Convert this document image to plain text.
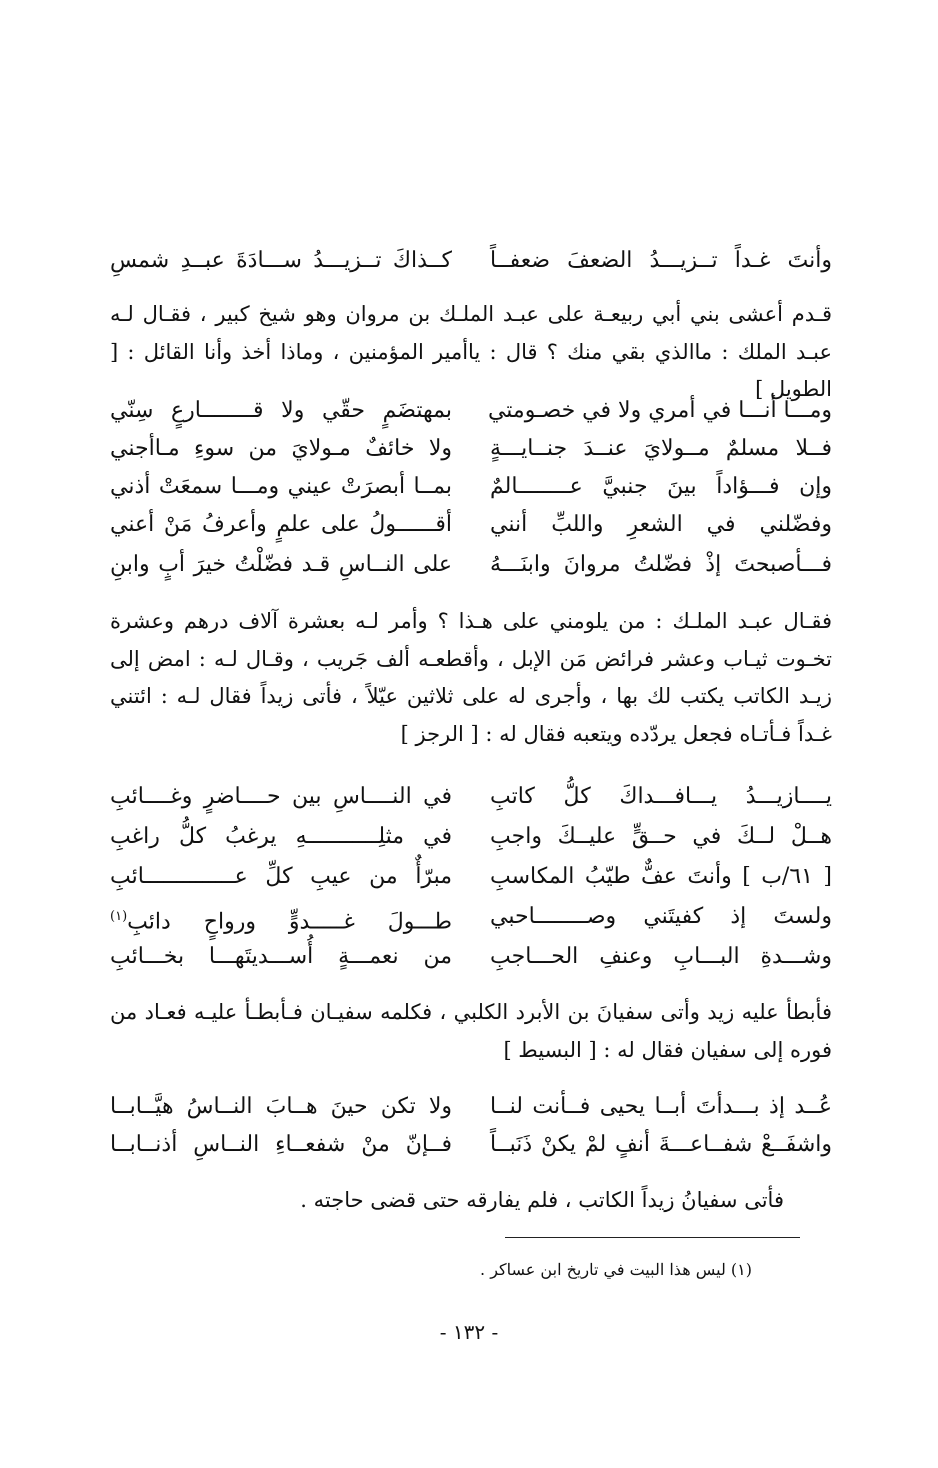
وأنتَ غـداً تــزيـــدُ الضعفَ ضعفــاً
كــذاكَ تــزيـــدُ ســـادَةَ عبــدِ شمسِ
قـدم أعشى بني أبي ربيعـة على عبـد الملـك بن مروان وهو شيخ كبير ، فقـال لـه عبـد الملك : ماالذي بقي منك ؟ قال : ياأمير المؤمنين ، وماذا أخذ وأنا القائل : [ الطويل ]
ومـــا أنـــا في أمري ولا في خصـومتي
بمهتضَمٍ حقّي ولا قــــــــارعٍ سِنّي
فــلا مسلمٌ مــولايَ عنــدَ جنــايـــةٍ
ولا خائفٌ مـولايَ من سوءِ مـاأجني
وإن فـــؤاداً بينَ جنبيَّ عــــــــالمٌ
بمــا أبصرَتْ عيني ومـــا سمعَتْ أذني
وفضّلني في الشعرِ واللبِّ أنني
أقــــــولُ على علمٍ وأعرفُ مَنْ أعني
فـــأصبحتَ إذْ فضّلتُ مروانَ وابنَـــهُ
على النــاسِ قـد فضّلْتُ خيرَ أبٍ وابنِ
فقـال عبـد الملـك : من يلومني على هـذا ؟ وأمر لـه بعشرة آلاف درهم وعشرة تخـوت ثيـاب وعشر فرائض مَن الإبل ، وأقطعـه ألف جَريب ، وقـال لـه : امض إلى زيـد الكاتب يكتب لك بها ، وأجرى له على ثلاثين عيّلاً ، فأتى زيداً فقال لـه : ائتني غـداً فـأتـاه فجعل يردّده ويتعبه فقال له : [ الرجز ]
يــــازيـــدُ يـــافـــداكَ كلُّ كاتبِ
في النــــاسِ بين حــــاضرٍ وغــــائبِ
هــلْ لــكَ في حــقٍّ عليــكَ واجبِ
في مثلِـــــــــــهِ يرغبُ كلُّ راغبِ
[ ٦١/ب ] وأنتَ عفٌّ طيّبُ المكاسبِ
مبرّأٌ من عيبِ كلِّ عــــــــــــــائبِ
ولستَ إذ كفيتَني وصــــــــاحبي
طـــولَ غـــــدوٍّ ورواحٍ دائبِ$^{(١)}$
وشـــدةِ البـــابِ وعنفِ الحـــاجبِ
من نعمـــةٍ أُســـديتَهـــا بخـــائبِ
فأبطأ عليه زيد وأتى سفيانَ بن الأبرد الكلبي ، فكلمه سفيـان فـأبطـأ عليـه فعـاد من فوره إلى سفيان فقال له : [ البسيط ]
عُــد إذ بـــدأتَ أبــا يحيى فــأنت لنــا
ولا تكن حينَ هــابَ النــاسُ هيَّــابــا
واشفَــعْ شفــاعـــةَ أنفٍ لمْ يكنْ ذَنَبــاً
فــإنّ منْ شفعــاءِ النــاسِ أذنــابــا
فأتى سفيانُ زيداً الكاتب ، فلم يفارقه حتى قضى حاجته .
(١) ليس هذا البيت في تاريخ ابن عساكر .
- ١٣٢ -
